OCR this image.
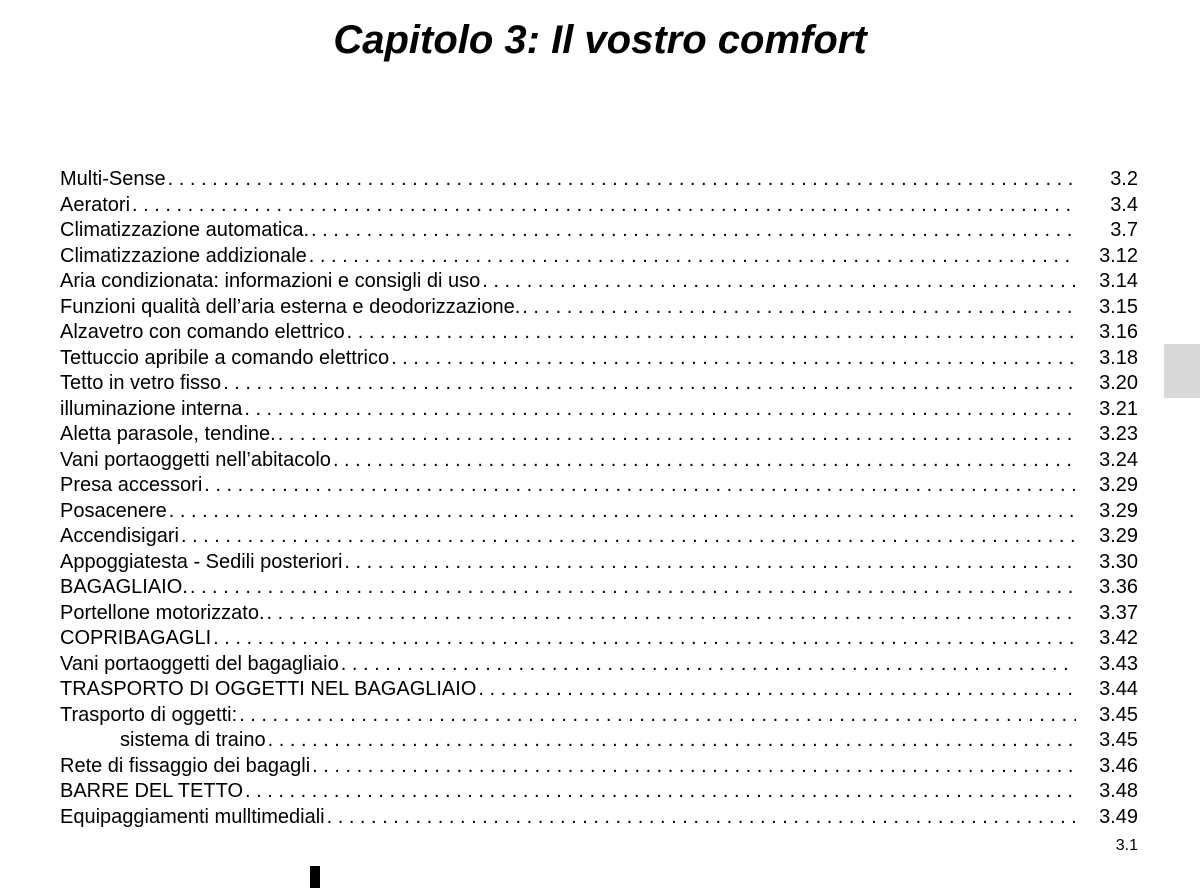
Capitolo 3: Il vostro comfort
Multi-Sense . . .	3.2
Aeratori . . .	3.4
Climatizzazione automatica. . . .	3.7
Climatizzazione addizionale . . .	3.12
Aria condizionata: informazioni e consigli di uso . . .	3.14
Funzioni qualità dell’aria esterna e deodorizzazione. . . .	3.15
Alzavetro con comando elettrico . . .	3.16
Tettuccio apribile a comando elettrico . . .	3.18
Tetto in vetro fisso . . .	3.20
illuminazione interna . . .	3.21
Aletta parasole, tendine. . . .	3.23
Vani portaoggetti nell’abitacolo . . .	3.24
Presa accessori . . .	3.29
Posacenere . . .	3.29
Accendisigari . . .	3.29
Appoggiatesta - Sedili posteriori . . .	3.30
BAGAGLIAIO. . . .	3.36
Portellone motorizzato. . . .	3.37
COPRIBAGAGLI . . .	3.42
Vani portaoggetti del bagagliaio . . .	3.43
TRASPORTO DI OGGETTI NEL BAGAGLIAIO . . .	3.44
Trasporto di oggetti: . . .	3.45
sistema di traino . . .	3.45
Rete di fissaggio dei bagagli . . .	3.46
BARRE DEL TETTO . . .	3.48
Equipaggiamenti mulltimediali . . .	3.49
3.1
